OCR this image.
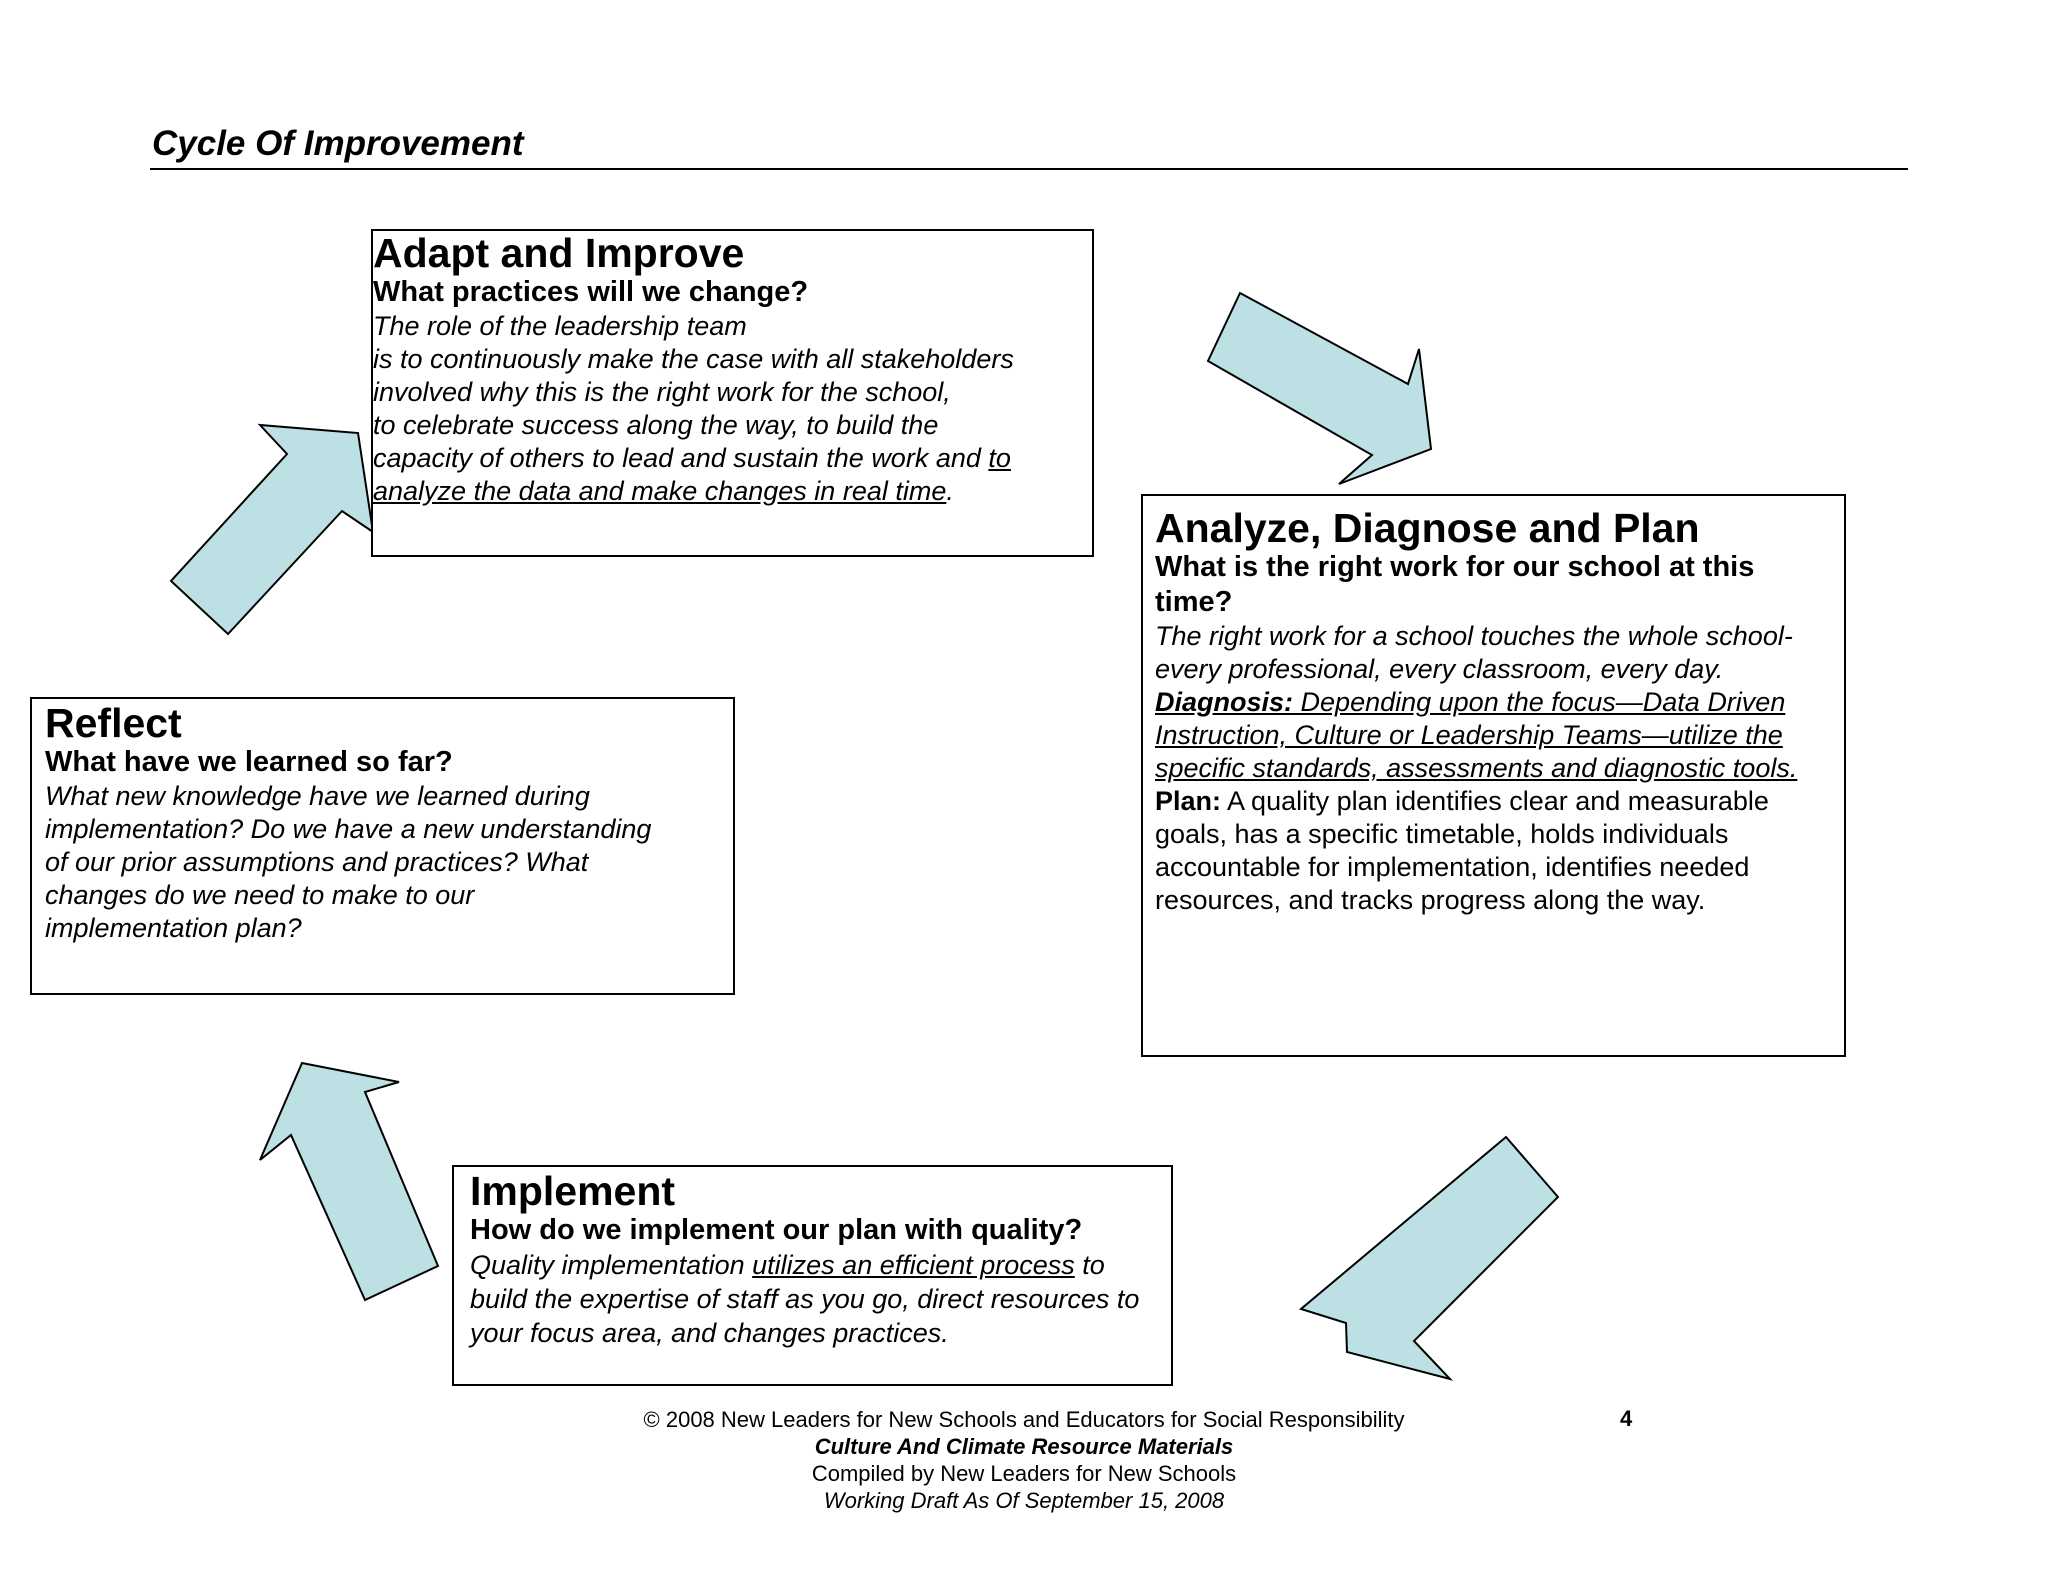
Cycle Of Improvement
Adapt and Improve
What practices will we change?
The role of the leadership team
is to continuously make the case with all stakeholders
involved why this is the right work for the school,
to celebrate success along the way, to build the
capacity of others to lead and sustain the work and to
analyze the data and make changes in real time.
Analyze, Diagnose and Plan
What is the right work for our school at this
time?
The right work for a school touches the whole school-
every professional, every classroom, every day.
Diagnosis: Depending upon the focus—Data Driven
Instruction, Culture or Leadership Teams—utilize the
specific standards, assessments and diagnostic tools.
Plan: A quality plan identifies clear and measurable
goals, has a specific timetable, holds individuals
accountable for implementation, identifies needed
resources, and tracks progress along the way.
Reflect
What have we learned so far?
What new knowledge have we learned during
implementation? Do we have a new understanding
of our prior assumptions and practices? What
changes do we need to make to our
implementation plan?
Implement
How do we implement our plan with quality?
Quality implementation utilizes an efficient process to
build the expertise of staff as you go, direct resources to
your focus area, and changes practices.
© 2008 New Leaders for New Schools and Educators for Social Responsibility
Culture And Climate Resource Materials
Compiled by New Leaders for New Schools
Working Draft As Of September 15, 2008
4
